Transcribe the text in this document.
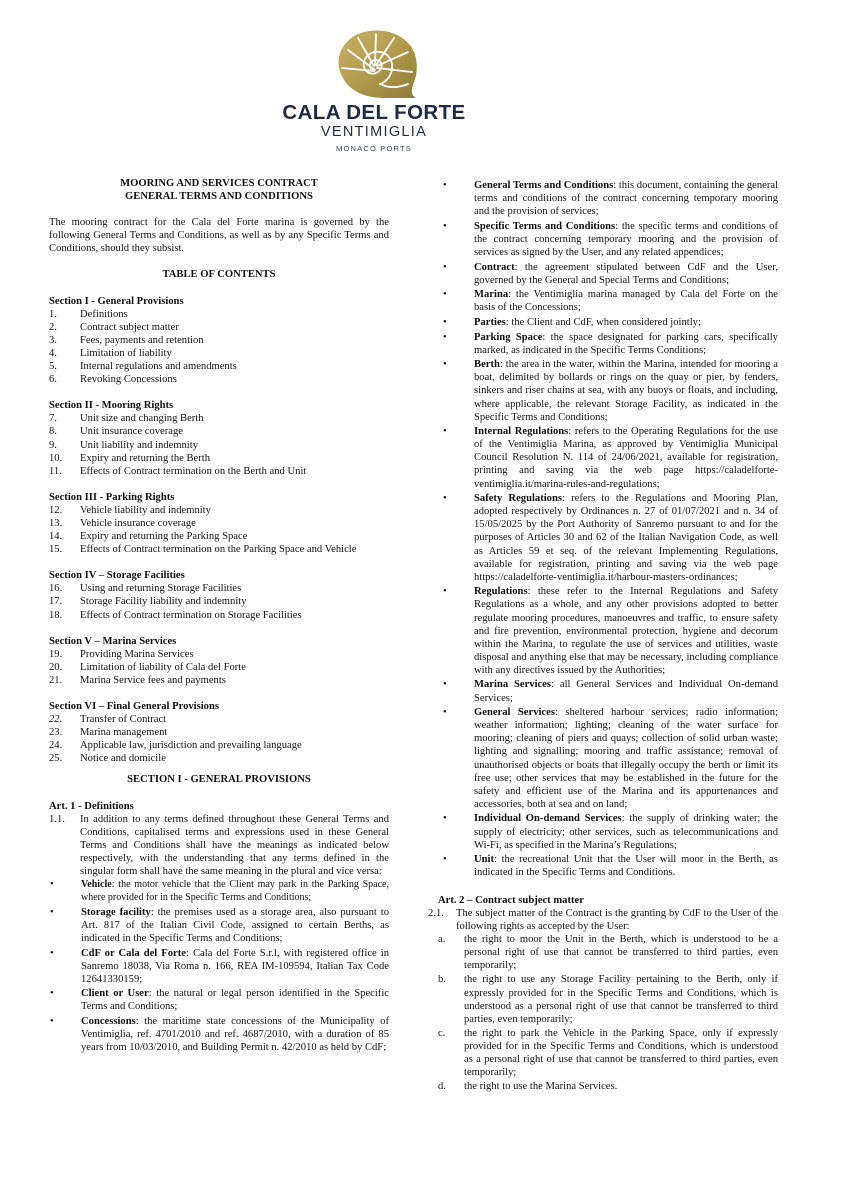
CALA DEL FORTE
VENTIMIGLIA
MONACO PORTS

MOORING AND SERVICES CONTRACT

GENERAL TERMS AND CONDITIONS

The mooring contract for the Cala del Forte marina is governed by the following General Terms and Conditions, as well as by any Specific Terms and Conditions, should they subsist.

TABLE OF CONTENTS

Section I - General Provisions

1.	Definitions
2.	Contract subject matter
3.	Fees, payments and retention
4.	Limitation of liability
5.	Internal regulations and amendments
6.	Revoking Concessions

Section II - Mooring Rights

7.	Unit size and changing Berth
8.	Unit insurance coverage
9.	Unit liability and indemnity
10.	Expiry and returning the Berth
11.	Effects of Contract termination on the Berth and Unit

Section III - Parking Rights

12.	Vehicle liability and indemnity
13.	Vehicle insurance coverage
14.	Expiry and returning the Parking Space
15.	Effects of Contract termination on the Parking Space and Vehicle

Section IV – Storage Facilities

16.	Using and returning Storage Facilities
17.	Storage Facility liability and indemnity
18.	Effects of Contract termination on Storage Facilities

Section V – Marina Services

19.	Providing Marina Services
20.	Limitation of liability of Cala del Forte
21.	Marina Service fees and payments

Section VI – Final General Provisions

22.	Transfer of Contract
23.	Marina management
24.	Applicable law, jurisdiction and prevailing language
25.	Notice and domicile

SECTION I - GENERAL PROVISIONS

Art. 1 - Definitions

1.1.	In addition to any terms defined throughout these General Terms and Conditions, capitalised terms and expressions used in these General Terms and Conditions shall have the meanings as indicated below respectively, with the understanding that any terms defined in the singular form shall have the same meaning in the plural and vice versa:
•	Vehicle: the motor vehicle that the Client may park in the Parking Space, where provided for in the Specific Terms and Conditions;
•	Storage facility: the premises used as a storage area, also pursuant to Art. 817 of the Italian Civil Code, assigned to certain Berths, as indicated in the Specific Terms and Conditions;
•	CdF or Cala del Forte: Cala del Forte S.r.l, with registered office in Sanremo 18038, Via Roma n. 166, REA IM-109594, Italian Tax Code 12641330159;
•	Client or User: the natural or legal person identified in the Specific Terms and Conditions;
•	Concessions: the maritime state concessions of the Municipality of Ventimiglia, ref. 4701/2010 and ref. 4687/2010, with a duration of 85 years from 10/03/2010, and Building Permit n. 42/2010 as held by CdF;
•	General Terms and Conditions: this document, containing the general terms and conditions of the contract concerning temporary mooring and the provision of services;
•	Specific Terms and Conditions: the specific terms and conditions of the contract concerning temporary mooring and the provision of services as signed by the User, and any related appendices;
•	Contract: the agreement stipulated between CdF and the User, governed by the General and Special Terms and Conditions;
•	Marina: the Ventimiglia marina managed by Cala del Forte on the basis of the Concessions;
•	Parties: the Client and CdF, when considered jointly;
•	Parking Space: the space designated for parking cars, specifically marked, as indicated in the Specific Terms Conditions;
•	Berth: the area in the water, within the Marina, intended for mooring a boat, delimited by bollards or rings on the quay or pier, by fenders, sinkers and riser chains at sea, with any buoys or floats, and including, where applicable, the relevant Storage Facility, as indicated in the Specific Terms and Conditions;
•	Internal Regulations: refers to the Operating Regulations for the use of the Ventimiglia Marina, as approved by Ventimiglia Municipal Council Resolution N. 114 of 24/06/2021, available for registration, printing and saving via the web page https://caladelforte-ventimiglia.it/marina-rules-and-regulations;
•	Safety Regulations: refers to the Regulations and Mooring Plan, adopted respectively by Ordinances n. 27 of 01/07/2021 and n. 34 of 15/05/2025 by the Port Authority of Sanremo pursuant to and for the purposes of Articles 30 and 62 of the Italian Navigation Code, as well as Articles 59 et seq. of the relevant Implementing Regulations, available for registration, printing and saving via the web page https://caladelforte-ventimiglia.it/harbour-masters-ordinances;
•	Regulations: these refer to the Internal Regulations and Safety Regulations as a whole, and any other provisions adopted to better regulate mooring procedures, manoeuvres and traffic, to ensure safety and fire prevention, environmental protection, hygiene and decorum within the Marina, to regulate the use of services and utilities, waste disposal and anything else that may be necessary, including compliance with any directives issued by the Authorities;
•	Marina Services: all General Services and Individual On-demand Services;
•	General Services: sheltered harbour services; radio information; weather information; lighting; cleaning of the water surface for mooring; cleaning of piers and quays; collection of solid urban waste; lighting and signalling; mooring and traffic assistance; removal of unauthorised objects or boats that illegally occupy the berth or limit its free use; other services that may be established in the future for the safety and efficient use of the Marina and its appurtenances and accessories, both at sea and on land;
•	Individual On-demand Services: the supply of drinking water; the supply of electricity; other services, such as telecommunications and Wi-Fi, as specified in the Marina’s Regulations;
•	Unit: the recreational Unit that the User will moor in the Berth, as indicated in the Specific Terms and Conditions.

Art. 2 – Contract subject matter

2.1.	The subject matter of the Contract is the granting by CdF to the User of the following rights as accepted by the User:
a.	the right to moor the Unit in the Berth, which is understood to be a personal right of use that cannot be transferred to third parties, even temporarily;
b.	the right to use any Storage Facility pertaining to the Berth, only if expressly provided for in the Specific Terms and Conditions, which is understood as a personal right of use that cannot be transferred to third parties, even temporarily;
c.	the right to park the Vehicle in the Parking Space, only if expressly provided for in the Specific Terms and Conditions, which is understood as a personal right of use that cannot be transferred to third parties, even temporarily;
d.	the right to use the Marina Services.
